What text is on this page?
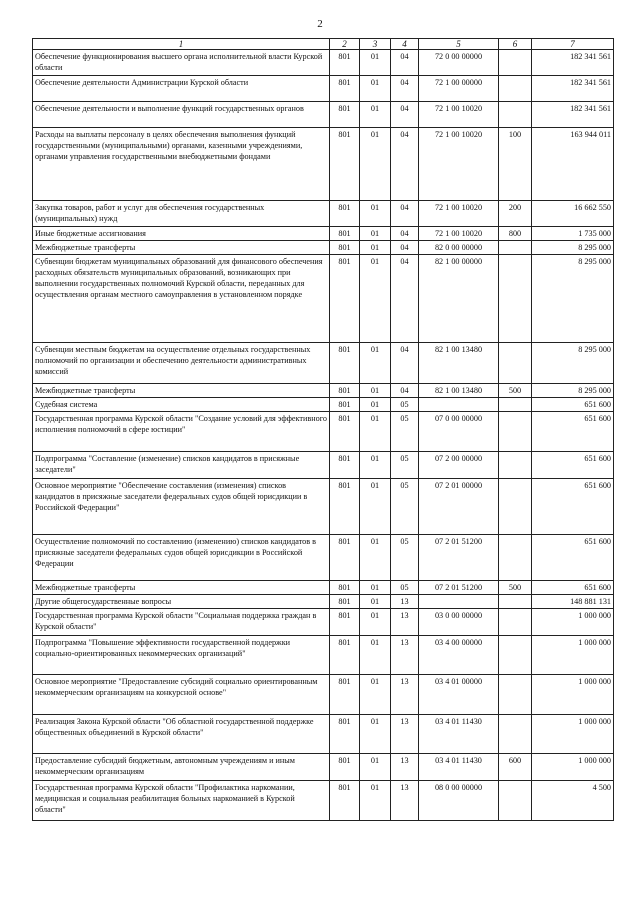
2
1	2	3	4	5	6	7
Обеспечение функционирования высшего органа исполнительной власти Курской области	801	01	04	72 0 00 00000		182 341 561
Обеспечение деятельности Администрации Курской области	801	01	04	72 1 00 00000		182 341 561
Обеспечение деятельности и выполнение функций государственных органов	801	01	04	72 1 00 10020		182 341 561
Расходы на выплаты персоналу в целях обеспечения выполнения функций государственными (муниципальными) органами, казенными учреждениями, органами управления государственными внебюджетными фондами	801	01	04	72 1 00 10020	100	163 944 011
Закупка товаров, работ и услуг для обеспечения государственных (муниципальных) нужд	801	01	04	72 1 00 10020	200	16 662 550
Иные бюджетные ассигнования	801	01	04	72 1 00 10020	800	1 735 000
Межбюджетные трансферты	801	01	04	82 0 00 00000		8 295 000
Субвенции бюджетам муниципальных образований для финансового обеспечения расходных обязательств муниципальных образований, возникающих при выполнении государственных полномочий Курской области, переданных для осуществления органам местного самоуправления в установленном порядке	801	01	04	82 1 00 00000		8 295 000
Субвенции местным бюджетам на осуществление отдельных государственных полномочий по организации и обеспечению деятельности административных комиссий	801	01	04	82 1 00 13480		8 295 000
Межбюджетные трансферты	801	01	04	82 1 00 13480	500	8 295 000
Судебная система	801	01	05			651 600
Государственная программа Курской области "Создание условий для эффективного исполнения полномочий в сфере юстиции"	801	01	05	07 0 00 00000		651 600
Подпрограмма "Составление (изменение) списков кандидатов в присяжные заседатели"	801	01	05	07 2 00 00000		651 600
Основное мероприятие "Обеспечение составления (изменения) списков кандидатов в присяжные заседатели федеральных судов общей юрисдикции в Российской Федерации"	801	01	05	07 2 01 00000		651 600
Осуществление полномочий по составлению (изменению) списков кандидатов в присяжные заседатели федеральных судов общей юрисдикции в Российской Федерации	801	01	05	07 2 01 51200		651 600
Межбюджетные трансферты	801	01	05	07 2 01 51200	500	651 600
Другие общегосударственные вопросы	801	01	13			148 881 131
Государственная программа Курской области "Социальная поддержка граждан в Курской области"	801	01	13	03 0 00 00000		1 000 000
Подпрограмма "Повышение эффективности государственной поддержки социально-ориентированных некоммерческих организаций"	801	01	13	03 4 00 00000		1 000 000
Основное мероприятие "Предоставление субсидий социально ориентированным некоммерческим организациям на конкурсной основе"	801	01	13	03 4 01 00000		1 000 000
Реализация Закона Курской области "Об областной государственной поддержке общественных объединений в Курской области"	801	01	13	03 4 01 11430		1 000 000
Предоставление субсидий бюджетным, автономным учреждениям и иным некоммерческим организациям	801	01	13	03 4 01 11430	600	1 000 000
Государственная программа Курской области "Профилактика наркомании, медицинская и социальная реабилитация больных наркоманией в Курской области"	801	01	13	08 0 00 00000		4 500
